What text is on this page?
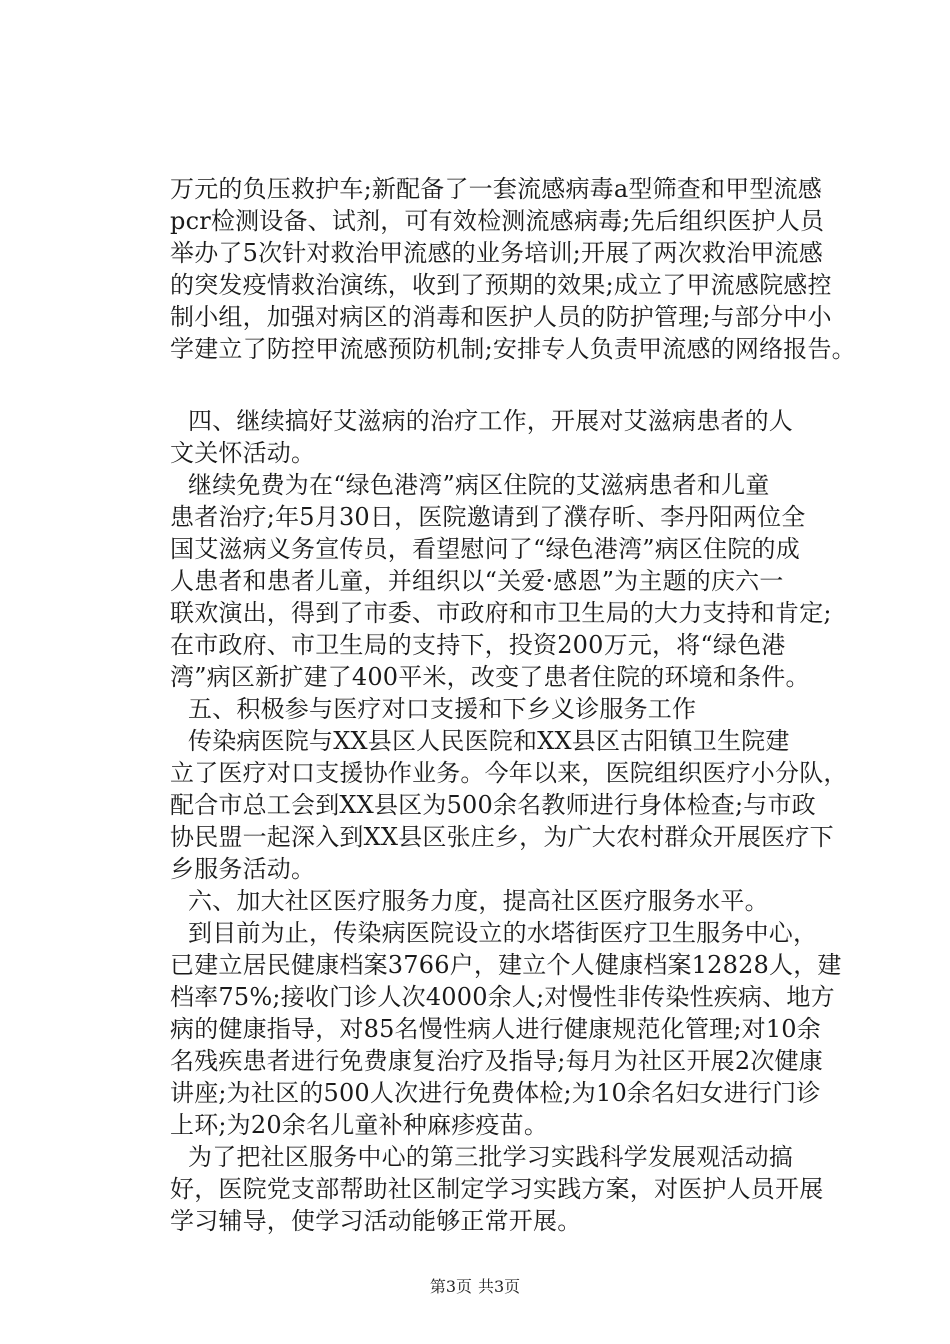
万元的负压救护车;新配备了一套流感病毒a型筛查和甲型流感
pcr检测设备、试剂，可有效检测流感病毒;先后组织医护人员
举办了5次针对救治甲流感的业务培训;开展了两次救治甲流感
的突发疫情救治演练，收到了预期的效果;成立了甲流感院感控
制小组，加强对病区的消毒和医护人员的防护管理;与部分中小
学建立了防控甲流感预防机制;安排专人负责甲流感的网络报告。
四、继续搞好艾滋病的治疗工作，开展对艾滋病患者的人
文关怀活动。
继续免费为在“绿色港湾”病区住院的艾滋病患者和儿童
患者治疗;年5月30日，医院邀请到了濮存昕、李丹阳两位全
国艾滋病义务宣传员，看望慰问了“绿色港湾”病区住院的成
人患者和患者儿童，并组织以“关爱·感恩”为主题的庆六一
联欢演出，得到了市委、市政府和市卫生局的大力支持和肯定;
在市政府、市卫生局的支持下，投资200万元，将“绿色港
湾”病区新扩建了400平米，改变了患者住院的环境和条件。
五、积极参与医疗对口支援和下乡义诊服务工作
传染病医院与XX县区人民医院和XX县区古阳镇卫生院建
立了医疗对口支援协作业务。今年以来，医院组织医疗小分队，
配合市总工会到XX县区为500余名教师进行身体检查;与市政
协民盟一起深入到XX县区张庄乡，为广大农村群众开展医疗下
乡服务活动。
六、加大社区医疗服务力度，提高社区医疗服务水平。
到目前为止，传染病医院设立的水塔街医疗卫生服务中心，
已建立居民健康档案3766户，建立个人健康档案12828人，建
档率75%;接收门诊人次4000余人;对慢性非传染性疾病、地方
病的健康指导，对85名慢性病人进行健康规范化管理;对10余
名残疾患者进行免费康复治疗及指导;每月为社区开展2次健康
讲座;为社区的500人次进行免费体检;为10余名妇女进行门诊
上环;为20余名儿童补种麻疹疫苗。
为了把社区服务中心的第三批学习实践科学发展观活动搞
好，医院党支部帮助社区制定学习实践方案，对医护人员开展
学习辅导，使学习活动能够正常开展。
第3页 共3页
